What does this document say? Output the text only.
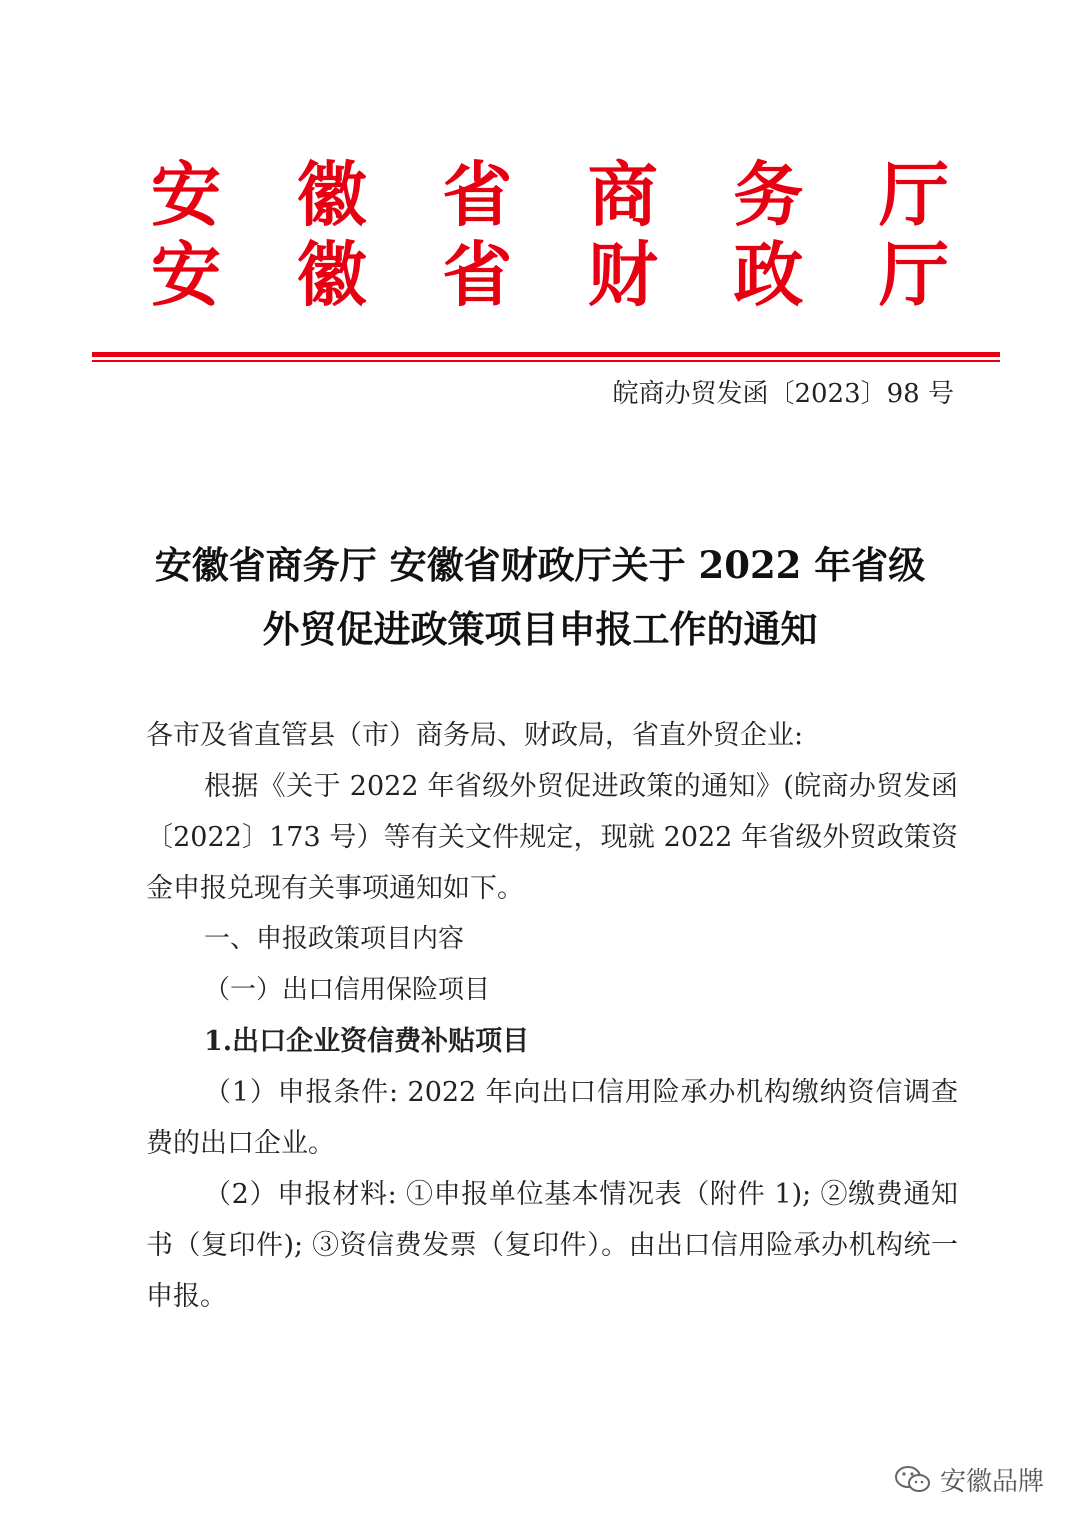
安 徽 省 商 务 厅
安 徽 省 财 政 厅
皖商办贸发函〔2023〕98 号
安徽省商务厅 安徽省财政厅关于 2022 年省级
外贸促进政策项目申报工作的通知

各市及省直管县（市）商务局、财政局，省直外贸企业:

根据《关于 2022 年省级外贸促进政策的通知》(皖商办贸发函〔2022〕173 号）等有关文件规定，现就 2022 年省级外贸政策资金申报兑现有关事项通知如下。

一、申报政策项目内容

（一）出口信用保险项目

1.出口企业资信费补贴项目

（1）申报条件: 2022 年向出口信用险承办机构缴纳资信调查费的出口企业。

（2）申报材料: ①申报单位基本情况表（附件 1); ②缴费通知书（复印件); ③资信费发票（复印件）。由出口信用险承办机构统一申报。

安徽品牌
